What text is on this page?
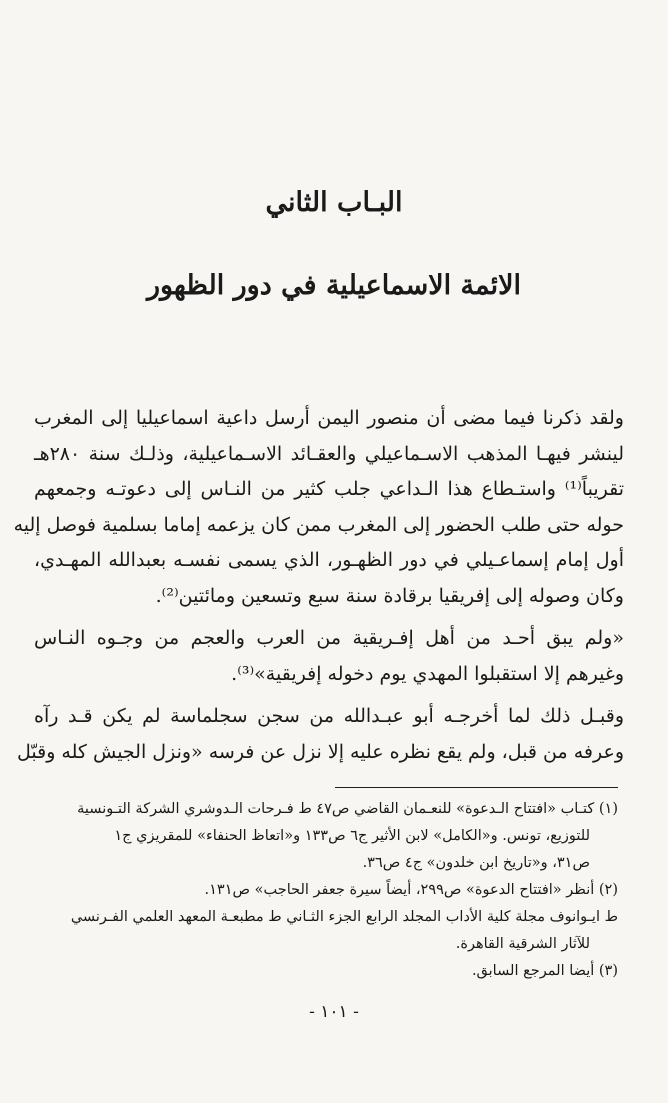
البـاب الثاني
الائمة الاسماعيلية في دور الظهور

ولقد ذكرنا فيما مضى أن منصور اليمن أرسل داعية اسماعيليا إلى المغرب
لينشر فيهـا المذهب الاسـماعيلي والعقـائد الاسـماعيلية، وذلـك سنة ٢٨٠هـ
تقريباً⁽¹⁾ واستـطاع هذا الـداعي جلب كثير من النـاس إلى دعوتـه وجمعهم
حوله حتى طلب الحضور إلى المغرب ممن كان يزعمه إماما بسلمية فوصل إليه
أول إمام إسماعـيلي في دور الظهـور، الذي يسمى نفسـه بعبدالله المهـدي،
وكان وصوله إلى إفريقيا برقادة سنة سبع وتسعين ومائتين⁽²⁾.

«ولم يبق أحـد من أهل إفـريقية من العرب والعجم من وجـوه النـاس
وغيرهم إلا استقبلوا المهدي يوم دخوله إفريقية»⁽³⁾.

وقبـل ذلك لما أخرجـه أبو عبـدالله من سجن سجلماسة لم يكن قـد رآه
وعرفه من قبل، ولم يقع نظره عليه إلا نزل عن فرسه «ونزل الجيش كله وقبّل

(١) كتـاب «افتتاح الـدعوة» للنعـمان القاضي ص٤٧ ط فـرحات الـدوشري الشركة التـونسية
للتوزيع، تونس. و«الكامل» لابن الأثير ج٦ ص١٣٣ و«اتعاظ الحنفاء» للمقريزي ج١
ص٣١، و«تاريخ ابن خلدون» ج٤ ص٣٦.
(٢) أنظر «افتتاح الدعوة» ص٢٩٩، أيضاً سيرة جعفر الحاجب» ص١٣١.
ط ايـوانوف مجلة كلية الأداب المجلد الرابع الجزء الثـاني ط مطبعـة المعهد العلمي الفـرنسي
للآثار الشرقية القاهرة.
(٣) أيضا المرجع السابق.
- ١٠١ -
